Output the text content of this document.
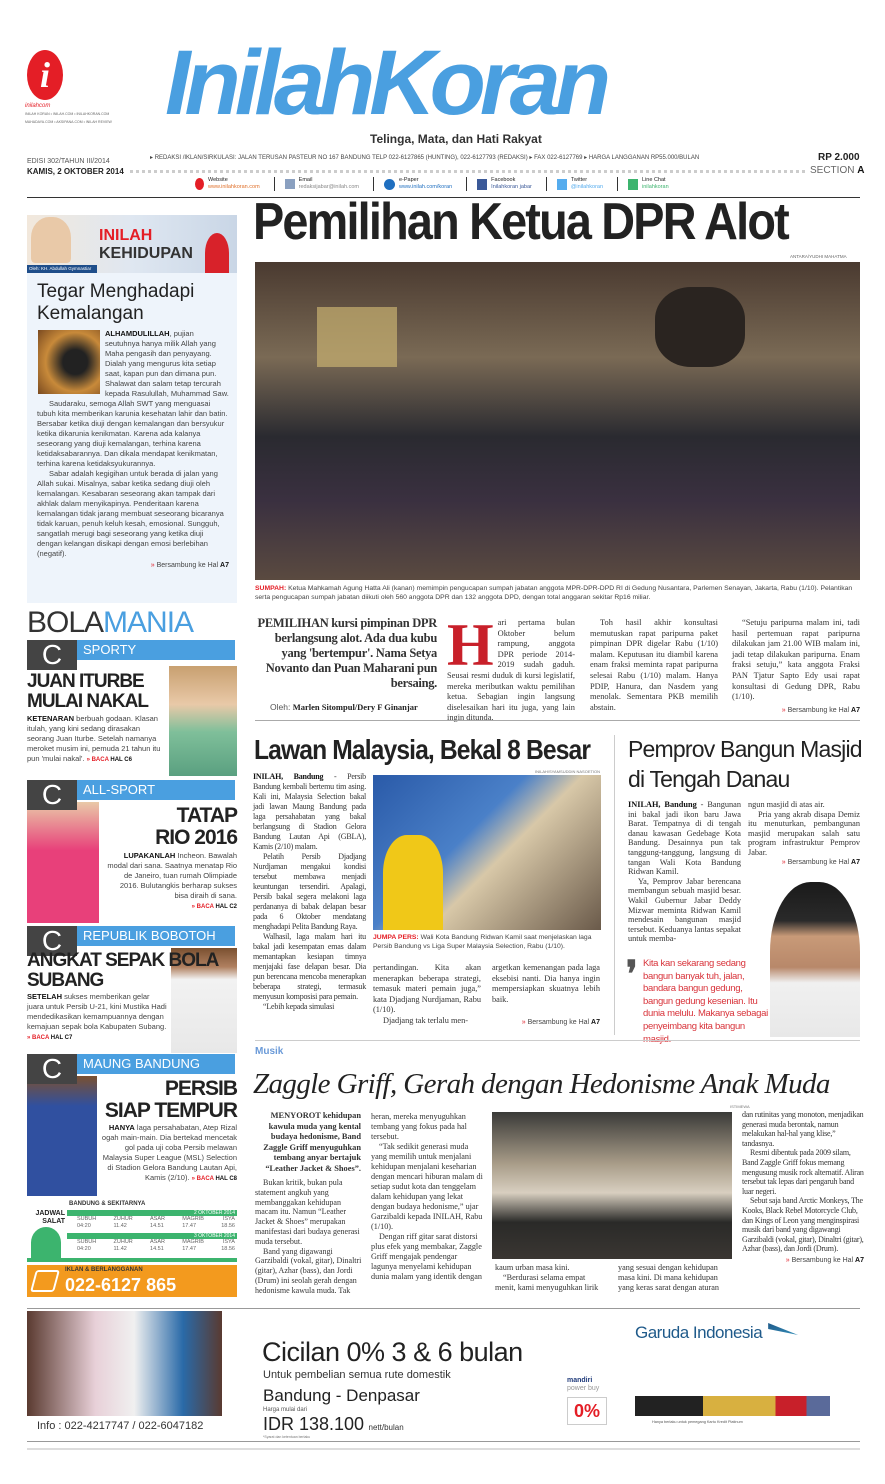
i
inilahcom
INILAH KORAN • INILAH.COM • INILAHKORAN.COM
MAHADAYA.COM • AKSIPANA.COM • INILAH REVIEW InilahKoran
Telinga, Mata, dan Hati Rakyat
EDISI 302/TAHUN III/2014
KAMIS, 2 OKTOBER 2014
▸ REDAKSI /IKLAN/SIRKULASI: JALAN TERUSAN PASTEUR NO 167 BANDUNG TELP 022-6127865 (HUNTING), 022-6127793 (REDAKSI) ▸ FAX 022-6127769 ▸ HARGA LANGGANAN RP55.000/BULAN	RP 2.000
SECTION A
Website
www.inilahkoran.com
Email
redaksijabar@inilah.com
e-Paper
www.inilah.com/koran
Facebook
Inilahkoran jabar
Twitter
@inilahkoran
Line Chat
inilahkoran
INILAH
KEHIDUPAN
Oleh: KH. Abdullah Gymnastiar
Tegar Menghadapi Kemalangan

ALHAMDULILLAH, pujian seutuhnya hanya milik Allah yang Maha pengasih dan penyayang. Dialah yang mengurus kita setiap saat, kapan pun dan dimana pun. Shalawat dan salam tetap tercurah kepada Rasulullah, Muhammad Saw.

Saudaraku, semoga Allah SWT yang menguasai tubuh kita memberikan karunia kesehatan lahir dan batin. Bersabar ketika diuji dengan kemalangan dan bersyukur ketika dikarunia kenikmatan. Karena ada kalanya seseorang yang diuji kemalangan, terhina karena ketidaksabarannya. Dan dikala mendapat kenikmatan, terhina karena ketidaksyukurannya.

Sabar adalah kegigihan untuk berada di jalan yang Allah sukai. Misalnya, sabar ketika sedang diuji oleh kemalangan. Kesabaran seseorang akan tampak dari akhlak dalam menyikapinya. Penderitaan karena kemalangan tidak jarang membuat seseorang bicaranya tidak karuan, penuh keluh kesah, emosional. Sungguh, sangatlah merugi bagi seseorang yang ketika diuji dengan kelangan disikapi dengan emosi berlebihan (negatif).

» Bersambung ke Hal A7

Pemilihan Ketua DPR Alot
ANTARA/YUDHI MAHATMA
SUMPAH: Ketua Mahkamah Agung Hatta Ali (kanan) memimpin pengucapan sumpah jabatan anggota MPR-DPR-DPD RI di Gedung Nusantara, Parlemen Senayan, Jakarta, Rabu (1/10). Pelantikan serta pengucapan sumpah jabatan diikuti oleh 560 anggota DPR dan 132 anggota DPD, dengan total anggaran sekitar Rp16 miliar.
PEMILIHAN kursi pimpinan DPR berlangsung alot. Ada dua kubu yang 'bertempur'. Nama Setya Novanto dan Puan Maharani pun bersaing.
Oleh: Marlen Sitompul/Dery F Ginanjar
Hari pertama bulan Oktober belum rampung, anggota DPR periode 2014-2019 sudah gaduh. Seusai resmi duduk di kursi legislatif, mereka meributkan waktu pemilihan ketua. Sebagian ingin langsung diselesaikan hari itu juga, yang lain ingin ditunda.
Toh hasil akhir konsultasi memutuskan rapat paripurna paket pimpinan DPR digelar Rabu (1/10) malam. Keputusan itu diambil karena enam fraksi meminta rapat paripurna selesai Rabu (1/10) malam. Hanya PDIP, Hanura, dan Nasdem yang menolak. Sementara PKB memilih abstain.
“Setuju paripurna malam ini, tadi hasil pertemuan rapat paripurna dilakukan jam 21.00 WIB malam ini, jadi tetap dilakukan paripurna. Enam fraksi setuju,” kata anggota Fraksi PAN Tjatur Sapto Edy usai rapat konsultasi di Gedung DPR, Rabu (1/10).
» Bersambung ke Hal A7
BOLAMANIA
SPORTY
C
JUAN ITURBE
MULAI NAKAL
KETENARAN berbuah godaan. Klasan itulah, yang kini sedang dirasakan seorang Juan Iturbe. Setelah namanya meroket musim ini, pemuda 21 tahun itu pun 'mulai nakal'. » BACA HAL C6
ALL-SPORT
C
TATAP
RIO 2016
LUPAKANLAH Incheon. Bawalah modal dari sana. Saatnya menatap Rio de Janeiro, tuan rumah Olimpiade 2016. Bulutangkis berharap sukses bisa diraih di sana.
» BACA HAL C2
REPUBLIK BOBOTOH
C
ANGKAT SEPAK BOLA
SUBANG
SETELAH sukses memberikan gelar juara untuk Persib U-21, kini Mustika Hadi mendedikasikan kemampuannya dengan kemajuan sepak bola Kabupaten Subang.
» BACA HAL C7
MAUNG BANDUNG
C
PERSIB
SIAP TEMPUR
HANYA laga persahabatan, Atep Rizal ogah main-main. Dia bertekad mencetak gol pada uji coba Persib melawan Malaysia Super League (MSL) Selection di Stadion Gelora Bandung Lautan Api, Kamis (2/10). » BACA HAL C8
BANDUNG & SEKITARNYA
JADWAL
SALAT
2 OKTOBER 2014
SUBUH
04:20
ZUHUR
11.42
ASAR
14.51
MAGRIB
17.47
ISYA
18.56
3 OKTOBER 2014
SUBUH
04:20
ZUHUR
11.42
ASAR
14.51
MAGRIB
17.47
ISYA
18.56
IKLAN & BERLANGGANAN
022-6127 865
Lawan Malaysia, Bekal 8 Besar
INILAH/SYAMSUDDIN NASOETION

INILAH, Bandung - Persib Bandung kembali bertemu tim asing. Kali ini, Malaysia Selection bakal jadi lawan Maung Bandung pada laga persahabatan yang bakal berlangsung di Stadion Gelora Bandung Lautan Api (GBLA), Kamis (2/10) malam.

Pelatih Persib Djadjang Nurdjaman mengakui kondisi tersebut membawa menjadi keuntungan tersendiri. Apalagi, Persib bakal segera melakoni laga perdananya di babak delapan besar pada 6 Oktober mendatang menghadapi Pelita Bandung Raya.

Walhasil, laga malam hari itu bakal jadi kesempatan emas dalam memantapkan kesiapan timnya menjajaki fase delapan besar. Dia pun berencana mencoba menerapkan beberapa strategi, termasuk menyusun komposisi para pemain.

“Lebih kepada simulasi

JUMPA PERS: Wali Kota Bandung Ridwan Kamil saat menjelaskan laga Persib Bandung vs Liga Super Malaysia Selection, Rabu (1/10).

pertandingan. Kita akan menerapkan beberapa strategi, temasuk materi pemain juga,” kata Djadjang Nurdjaman, Rabu (1/10).

Djadjang tak terlalu men-

argetkan kemenangan pada laga eksebisi nanti. Dia hanya ingin mempersiapkan skuatnya lebih baik.
» Bersambung ke Hal A7
Pemprov Bangun Masjid di Tengah Danau

INILAH, Bandung - Bangunan ini bakal jadi ikon baru Jawa Barat. Tempatnya di di tengah danau kawasan Gedebage Kota Bandung. Desainnya pun tak tanggung-tanggung, langsung di tangan Wali Kota Bandung Ridwan Kamil.

Ya, Pemprov Jabar berencana membangun sebuah masjid besar. Wakil Gubernur Jabar Deddy Mizwar meminta Ridwan Kamil mendesain bangunan masjid tersebut. Keduanya lantas sepakat untuk memba-

ngun masjid di atas air.

Pria yang akrab disapa Demiz itu menuturkan, pembangunan masjid merupakan salah satu program infrastruktur Pemprov Jabar.

» Bersambung ke Hal A7

❜ Kita kan sekarang sedang bangun banyak tuh, jalan, bandara bangun gedung, bangun gedung kesenian. Itu dunia melulu. Makanya sebagai penyeimbang kita bangun masjid.
Musik
Zaggle Griff, Gerah dengan Hedonisme Anak Muda
ISTIMEWA
MENYOROT kehidupan kawula muda yang kental budaya hedonisme, Band Zaggle Griff menyuguhkan tembang anyar bertajuk “Leather Jacket & Shoes”.

Bukan kritik, bukan pula statement angkuh yang membanggakan kehidupan macam itu. Namun “Leather Jacket & Shoes” merupakan manifestasi dari budaya generasi muda tersebut.

Band yang digawangi Garzibaldi (vokal, gitar), Dinaltri (gitar), Azhar (bass), dan Jordi (Drum) ini seolah gerah dengan hedonisme kawula muda. Tak

heran, mereka menyuguhkan tembang yang fokus pada hal tersebut.

“Tak sedikit generasi muda yang memilih untuk menjalani kehidupan menjalani keseharian dengan mencari hiburan malam di setiap sudut kota dan tenggelam dalam kehidupan yang lekat dengan budaya hedonisme,” ujar Garzibaldi kepada INILAH, Rabu (1/10).

Dengan riff gitar sarat distorsi plus efek yang membakar, Zaggle Griff mengajak pendengar lagunya menyelami kehidupan dunia malam yang identik dengan

kaum urban masa kini.

“Berdurasi selama empat menit, kami menyuguhkan lirik

yang sesuai dengan kehidupan masa kini. Di mana kehidupan yang keras sarat dengan aturan

dan rutinitas yang monoton, menjadikan generasi muda berontak, namun melakukan hal-hal yang klise,” tandasnya.

Resmi dibentuk pada 2009 silam, Band Zaggle Griff fokus memang mengusung musik rock alternatif. Aliran tersebut tak lepas dari pengaruh band luar negeri.

Sebut saja band Arctic Monkeys, The Kooks, Black Rebel Motorcycle Club, dan Kings of Leon yang menginspirasi musik dari band yang digawangi Garzibaldi (vokal, gitar), Dinaltri (gitar), Azhar (bass), dan Jordi (Drum).

» Bersambung ke Hal A7

Info : 022-4217747 / 022-6047182
Cicilan 0% 3 & 6 bulan
Untuk pembelian semua rute domestik
Bandung - Denpasar
Harga mulai dari
IDR 138.100 nett/bulan
*Syarat dan ketentuan berlaku
Garuda Indonesia
mandiri
power buy
0%
Hanya berlaku untuk pemegang Kartu Kredit Platinum
